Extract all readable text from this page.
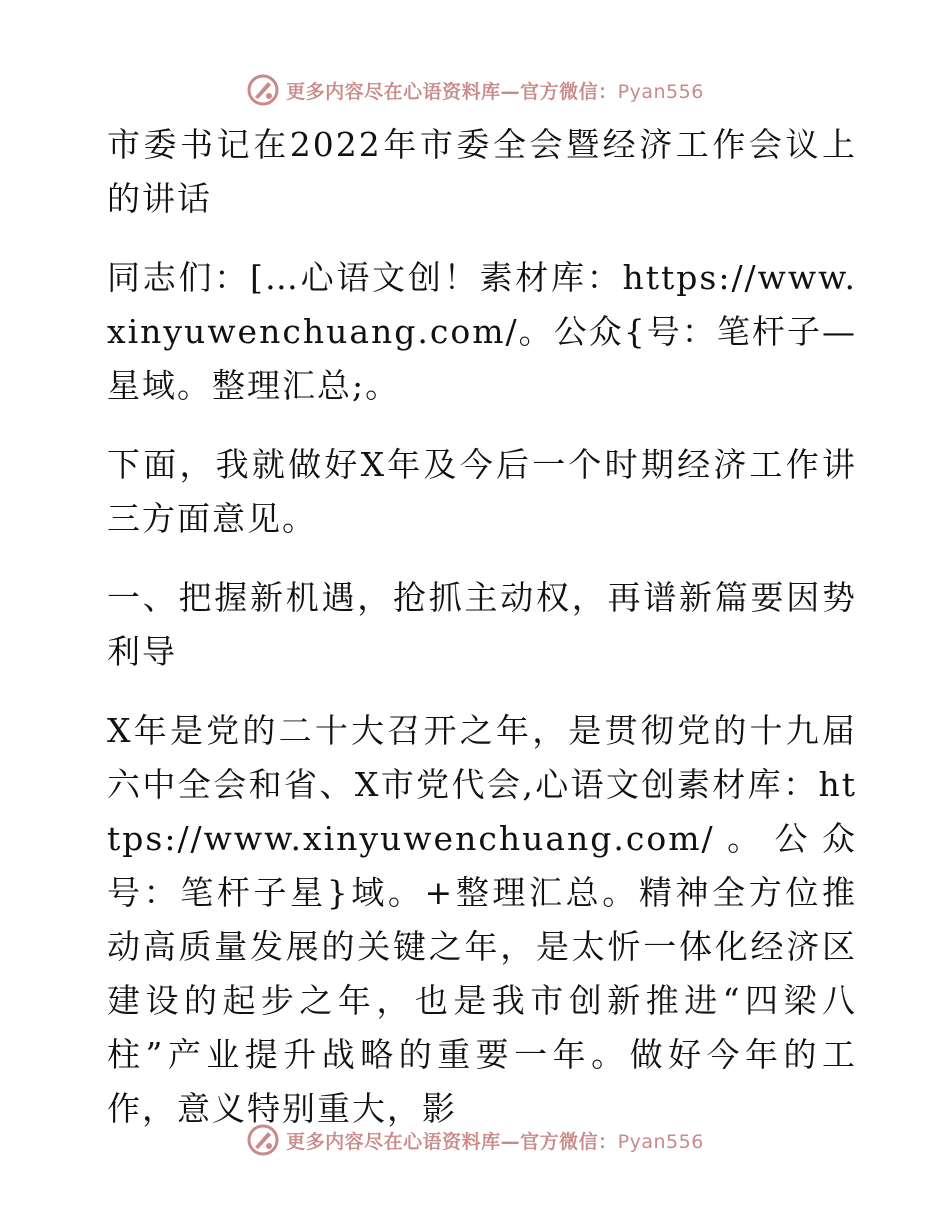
更多内容尽在心语资料库—官方微信：Pyan556

市委书记在2022年市委全会暨经济工作会议上的讲话

同志们：[…心语文创！素材库：https://www.xinyuwenchuang.com/。公众{号：笔杆子—星域。整理汇总;。

下面，我就做好X年及今后一个时期经济工作讲三方面意见。

一、把握新机遇，抢抓主动权，再谱新篇要因势利导

X年是党的二十大召开之年，是贯彻党的十九届六中全会和省、X市党代会,心语文创素材库：https://www.xinyuwenchuang.com/。公众号：笔杆子星}域。+整理汇总。精神全方位推动高质量发展的关键之年，是太忻一体化经济区建设的起步之年，也是我市创新推进“四梁八柱”产业提升战略的重要一年。做好今年的工作，意义特别重大，影

更多内容尽在心语资料库—官方微信：Pyan556
